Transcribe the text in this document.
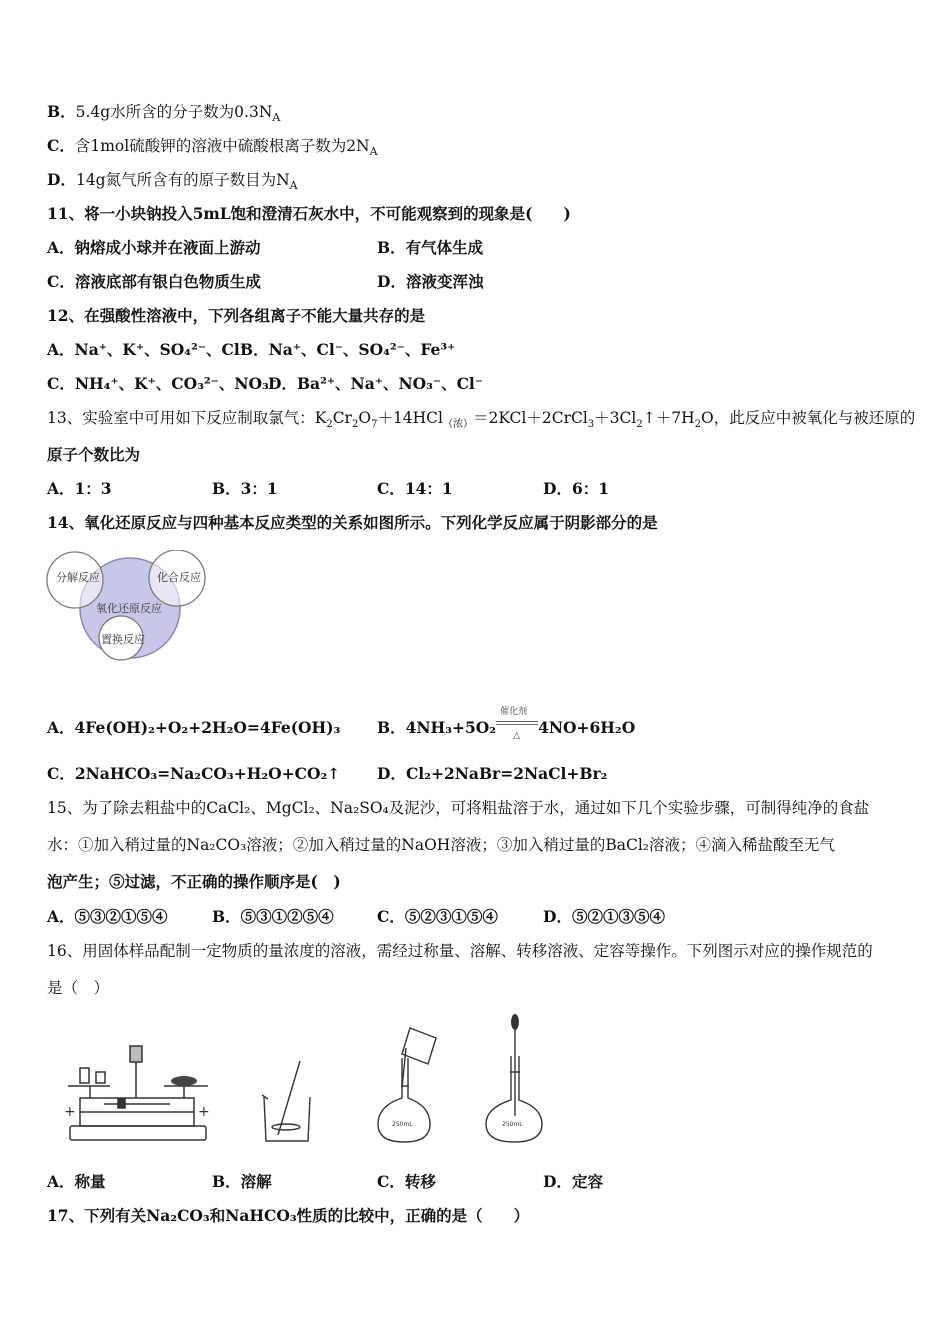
B．5.4g水所含的分子数为$0.3N_A$
C．含1mol硫酸钾的溶液中硫酸根离子数为$2N_A$
D．14g氮气所含有的原子数目为$N_A$
11、将一小块钠投入5mL饱和澄清石灰水中，不可能观察到的现象是(　　)
A．钠熔成小球并在液面上游动	B．有气体生成
C．溶液底部有银白色物质生成	D．溶液变浑浊
12、在强酸性溶液中，下列各组离子不能大量共存的是
A．Na⁺、K⁺、SO₄²⁻、Cl⁻
B．Na⁺、Cl⁻、SO₄²⁻、Fe³⁺
C．NH₄⁺、K⁺、CO₃²⁻、NO₃⁻
D．Ba²⁺、Na⁺、NO₃⁻、Cl⁻
13、实验室中可用如下反应制取氯气：$K_2Cr_2O_7+14HCl_{(浓)}=2KCl+2CrCl_3+3Cl_2↑+7H_2O$，此反应中被氧化与被还原的
原子个数比为
A．1：3	B．3：1	C．14：1	D．6：1
14、氧化还原反应与四种基本反应类型的关系如图所示。下列化学反应属于阴影部分的是
分解反应	化合反应
氧化还原反应
置换反应
A．4Fe(OH)₂+O₂+2H₂O=4Fe(OH)₃ B．4NH₃+5O₂
催化剂
△ 4NO+6H₂O
C．2NaHCO₃=Na₂CO₃+H₂O+CO₂↑ D．Cl₂+2NaBr=2NaCl+Br₂
15、为了除去粗盐中的CaCl₂、MgCl₂、Na₂SO₄及泥沙，可将粗盐溶于水，通过如下几个实验步骤，可制得纯净的食盐
水：①加入稍过量的Na₂CO₃溶液；②加入稍过量的NaOH溶液；③加入稍过量的BaCl₂溶液；④滴入稀盐酸至无气
泡产生；⑤过滤，不正确的操作顺序是(　)
A．⑤③②①⑤④	B．⑤③①②⑤④	C．⑤②③①⑤④	D．⑤②①③⑤④
16、用固体样品配制一定物质的量浓度的溶液，需经过称量、溶解、转移溶液、定容等操作。下列图示对应的操作规范的
是（　）
+	+
250mL	250mL
A．称量	B．溶解	C．转移	D．定容
17、下列有关Na₂CO₃和NaHCO₃性质的比较中，正确的是（　　）
